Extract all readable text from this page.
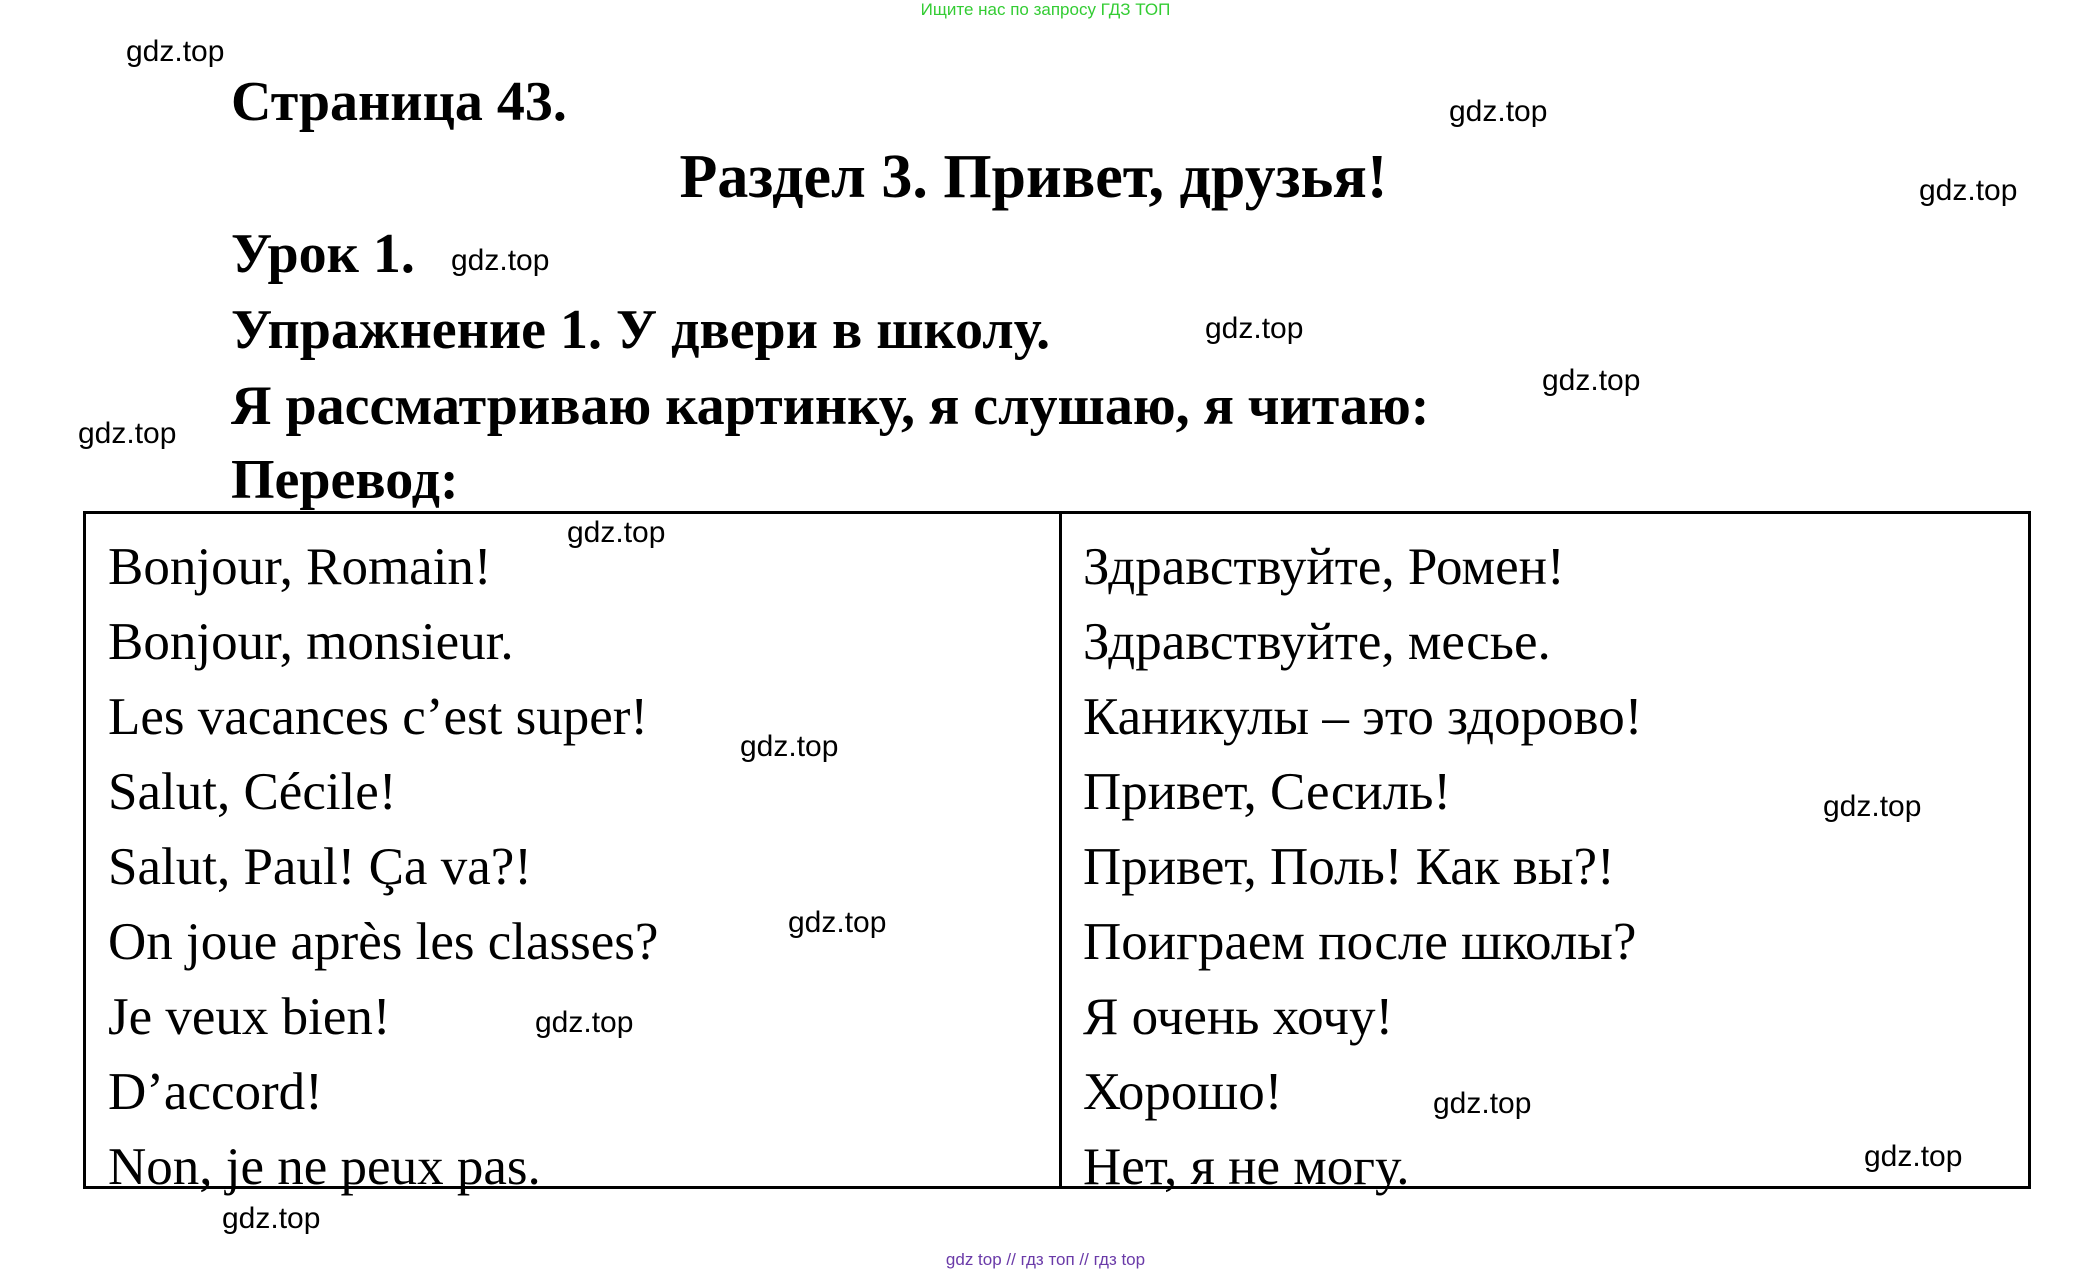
Ищите нас по запросу ГДЗ ТОП
Страница 43.
Раздел 3. Привет, друзья!
Урок 1.
Упражнение 1. У двери в школу.
Я рассматриваю картинку, я слушаю, я читаю:
Перевод:
Bonjour, Romain!
Bonjour, monsieur.
Les vacances c’est super!
Salut, Cécile!
Salut, Paul! Ça va?!
On joue après les classes?
Je veux bien!
D’accord!
Non, je ne peux pas.
Здравствуйте, Ромен!
Здравствуйте, месье.
Каникулы – это здорово!
Привет, Сесиль!
Привет, Поль! Как вы?!
Поиграем после школы?
Я очень хочу!
Хорошо!
Нет, я не могу.
gdz.top
gdz.top
gdz.top
gdz.top
gdz.top
gdz.top
gdz.top
gdz.top
gdz.top
gdz.top
gdz.top
gdz.top
gdz.top
gdz.top
gdz.top
gdz top // гдз топ // гдз top
